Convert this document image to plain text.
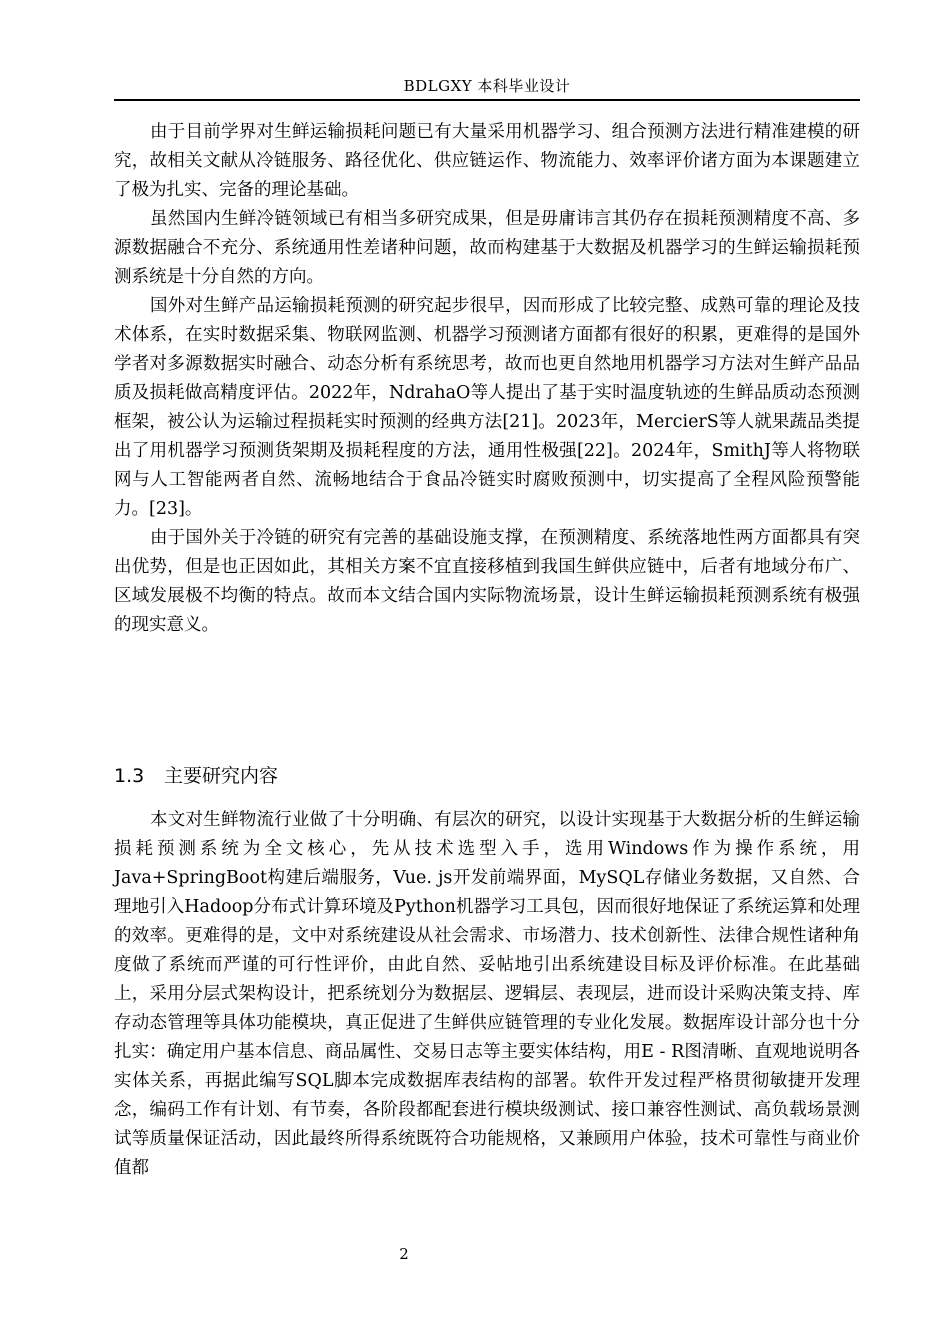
BDLGXY 本科毕业设计

由于目前学界对生鲜运输损耗问题已有大量采用机器学习、组合预测方法进行精准建模的研究，故相关文献从冷链服务、路径优化、供应链运作、物流能力、效率评价诸方面为本课题建立了极为扎实、完备的理论基础。

虽然国内生鲜冷链领域已有相当多研究成果，但是毋庸讳言其仍存在损耗预测精度不高、多源数据融合不充分、系统通用性差诸种问题，故而构建基于大数据及机器学习的生鲜运输损耗预测系统是十分自然的方向。

国外对生鲜产品运输损耗预测的研究起步很早，因而形成了比较完整、成熟可靠的理论及技术体系，在实时数据采集、物联网监测、机器学习预测诸方面都有很好的积累，更难得的是国外学者对多源数据实时融合、动态分析有系统思考，故而也更自然地用机器学习方法对生鲜产品品质及损耗做高精度评估。2022年，NdrahaO等人提出了基于实时温度轨迹的生鲜品质动态预测框架，被公认为运输过程损耗实时预测的经典方法[21]。2023年，MercierS等人就果蔬品类提出了用机器学习预测货架期及损耗程度的方法，通用性极强[22]。2024年，SmithJ等人将物联网与人工智能两者自然、流畅地结合于食品冷链实时腐败预测中，切实提高了全程风险预警能力。[23]。

由于国外关于冷链的研究有完善的基础设施支撑，在预测精度、系统落地性两方面都具有突出优势，但是也正因如此，其相关方案不宜直接移植到我国生鲜供应链中，后者有地域分布广、区域发展极不均衡的特点。故而本文结合国内实际物流场景，设计生鲜运输损耗预测系统有极强的现实意义。

1.3 主要研究内容

本文对生鲜物流行业做了十分明确、有层次的研究，以设计实现基于大数据分析的生鲜运输损耗预测系统为全文核心，先从技术选型入手，选用Windows作为操作系统，用Java+SpringBoot构建后端服务，Vue. js开发前端界面，MySQL存储业务数据，又自然、合理地引入Hadoop分布式计算环境及Python机器学习工具包，因而很好地保证了系统运算和处理的效率。更难得的是，文中对系统建设从社会需求、市场潜力、技术创新性、法律合规性诸种角度做了系统而严谨的可行性评价，由此自然、妥帖地引出系统建设目标及评价标准。在此基础上，采用分层式架构设计，把系统划分为数据层、逻辑层、表现层，进而设计采购决策支持、库存动态管理等具体功能模块，真正促进了生鲜供应链管理的专业化发展。数据库设计部分也十分扎实：确定用户基本信息、商品属性、交易日志等主要实体结构，用E - R图清晰、直观地说明各实体关系，再据此编写SQL脚本完成数据库表结构的部署。软件开发过程严格贯彻敏捷开发理念，编码工作有计划、有节奏，各阶段都配套进行模块级测试、接口兼容性测试、高负载场景测试等质量保证活动，因此最终所得系统既符合功能规格，又兼顾用户体验，技术可靠性与商业价值都

2
